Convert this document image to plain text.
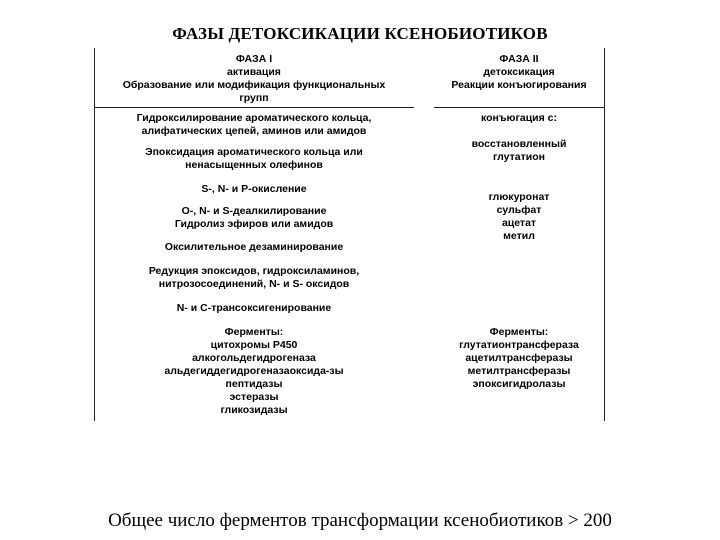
ФАЗЫ ДЕТОКСИКАЦИИ КСЕНОБИОТИКОВ
ФАЗА I
активация
Образование или модификация функциональных
групп
ФАЗА II
детоксикация
Реакции конъюгирования
Гидроксилирование ароматического кольца,
алифатических цепей, аминов или амидов
Эпоксидация ароматического кольца или
ненасыщенных олефинов
S-, N- и Р-окисление
О-, N- и S-деалкилирование
Гидролиз эфиров или амидов
Оксилительное дезаминирование
Редукция эпоксидов, гидроксиламинов,
нитрозосоединений, N- и S- оксидов
N- и С-трансоксигенирование
Ферменты:
цитохромы Р450
алкогольдегидрогеназа
альдегиддегидрогеназаоксида-зы
пептидазы
эстеразы
гликозидазы
конъюгация с:
восстановленный
глутатион
глюкуронат
сульфат
ацетат
метил
Ферменты:
глутатионтрансфераза
ацетилтрансферазы
метилтрансферазы
эпоксигидролазы
Общее число ферментов трансформации ксенобиотиков > 200
